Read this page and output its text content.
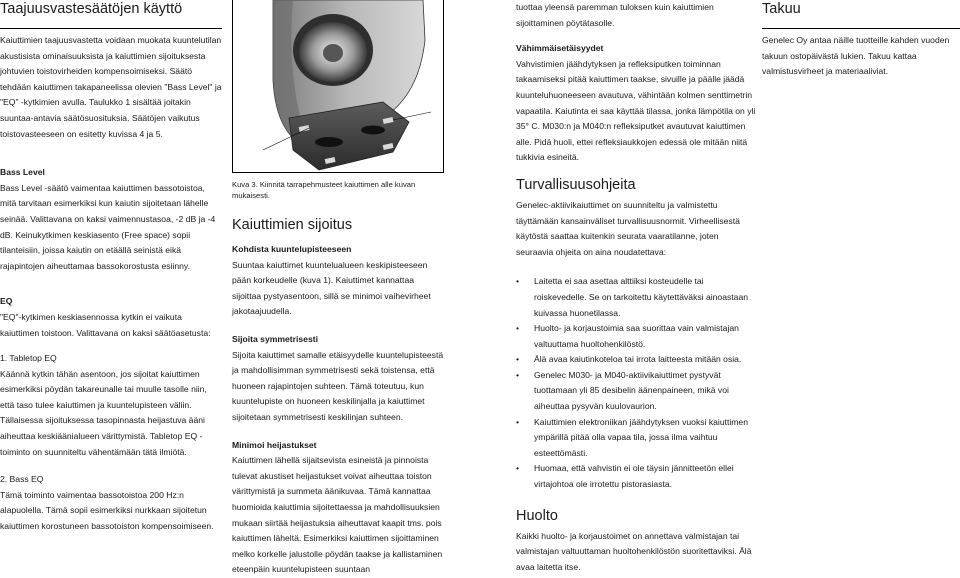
Taajuusvastesäätöjen käyttö

Kaiuttimien taajuusvastetta voidaan muokata kuuntelutilan akustisista ominaisuuksista ja kaiuttimien sijoituksesta johtuvien toistovirheiden kompensoimiseksi. Säätö tehdään kaiuttimen takapaneelissa olevien "Bass Level" ja "EQ" -kytkimien avulla. Taulukko 1 sisältää joitakin suuntaa-antavia säätösuosituksia. Säätöjen vaikutus toistovasteeseen on esitetty kuvissa 4 ja 5.

Bass Level

Bass Level -säätö vaimentaa kaiuttimen bassotoistoa, mitä tarvitaan esimerkiksi kun kaiutin sijoitetaan lähelle seinää. Valittavana on kaksi vaimennustasoa, -2 dB ja -4 dB. Keinukytkimen keskiasento (Free space) sopii tilanteisiin, joissa kaiutin on etäällä seinistä eikä rajapintojen aiheuttamaa bassokorostusta esiinny.

EQ

"EQ"-kytkimen keskiasennossa kytkin ei vaikuta kaiuttimen toistoon. Valittavana on kaksi säätöasetusta:

1. Tabletop EQ

Käännä kytkin tähän asentoon, jos sijoitat kaiuttimen esimerkiksi pöydän takareunalle tai muulle tasolle niin, että taso tulee kaiuttimen ja kuuntelupisteen väliin. Tällaisessa sijoituksessa tasopinnasta heijastuva ääni aiheuttaa keskiäänialueen värittymistä. Tabletop EQ -toiminto on suunniteltu vähentämään tätä ilmiötä.

2. Bass EQ

Tämä toiminto vaimentaa bassotoistoa 200 Hz:n alapuolella. Tämä sopii esimerkiksi nurkkaan sijoitetun kaiuttimen korostuneen bassotoiston kompensoimiseen.

Kuva 3. Kiinnitä tarrapehmusteet kaiuttimen alle kuvan mukaisesti.

Kaiuttimien sijoitus

Kohdista kuuntelupisteeseen

Suuntaa kaiuttimet kuuntelualueen keskipisteeseen pään korkeudelle (kuva 1). Kaiuttimet kannattaa sijoittaa pystyasentoon, sillä se minimoi vaihevirheet jakotaajuudella.

Sijoita symmetrisesti

Sijoita kaiuttimet samalle etäisyydelle kuuntelupisteestä ja mahdollisimman symmetrisesti sekä toistensa, että huoneen rajapintojen suhteen. Tämä toteutuu, kun kuuntelupiste on huoneen keskilinjalla ja kaiuttimet sijoitetaan symmetrisesti keskilinjan suhteen.

Minimoi heijastukset

Kaiuttimen lähellä sijaitsevista esineistä ja pinnoista tulevat akustiset heijastukset voivat aiheuttaa toiston värittymistä ja summeta äänikuvaa. Tämä kannattaa huomioida kaiuttimia sijoitettaessa ja mahdollisuuksien mukaan siirtää heijastuksia aiheuttavat kaapit tms. pois kaiuttimen läheltä. Esimerkiksi kaiuttimen sijoittaminen melko korkelle jalustolle pöydän taakse ja kallistaminen eteenpäin kuuntelupisteen suuntaan

tuottaa yleensä paremman tuloksen kuin kaiuttimien sijoittaminen pöytätasolle.

Vähimmäisetäisyydet

Vahvistimien jäähdytyksen ja refleksiputken toiminnan takaamiseksi pitää kaiuttimen taakse, sivuille ja päälle jäädä kuunteluhuoneeseen avautuva, vähintään kolmen senttimetrin vapaatila. Kaiutinta ei saa käyttää tilassa, jonka lämpötila on yli 35° C. M030:n ja M040:n refleksiputket avautuvat kaiuttimen alle. Pidä huoli, ettei refleksiaukkojen edessä ole mitään niitä tukkivia esineitä.

Turvallisuusohjeita

Genelec-aktiivikaiuttimet on suunniteltu ja valmistettu täyttämään kansainväliset turvallisuusnormit. Virheellisestä käytöstä saattaa kuitenkin seurata vaaratilanne, joten seuraavia ohjeita on aina noudatettava:

• Laitetta ei saa asettaa alttiiksi kosteudelle tai roiskevedelle. Se on tarkoitettu käytettäväksi ainoastaan kuivassa huonetilassa.
• Huolto- ja korjaustoimia saa suorittaa vain valmistajan valtuuttama huoltohenkilöstö.
• Älä avaa kaiutinkoteloa tai irrota laitteesta mitään osia.
• Genelec M030- ja M040-aktiivikaiuttimet pystyvät tuottamaan yli 85 desibelin äänenpaineen, mikä voi aiheuttaa pysyvän kuulovaurion.
• Kaiuttimien elektroniikan jäähdytyksen vuoksi kaiuttimen ympärillä pitää olla vapaa tila, jossa ilma vaihtuu esteettömästi.
• Huomaa, että vahvistin ei ole täysin jännitteetön ellei virtajohtoa ole irrotettu pistorasiasta.
Huolto

Kaikki huolto- ja korjaustoimet on annettava valmistajan tai valmistajan valtuuttaman huoltohenkilöstön suoritettaviksi. Älä avaa laitetta itse.

Takuu

Genelec Oy antaa näille tuotteille kahden vuoden takuun ostopäivästä lukien. Takuu kattaa valmistusvirheet ja materiaaliviat.
